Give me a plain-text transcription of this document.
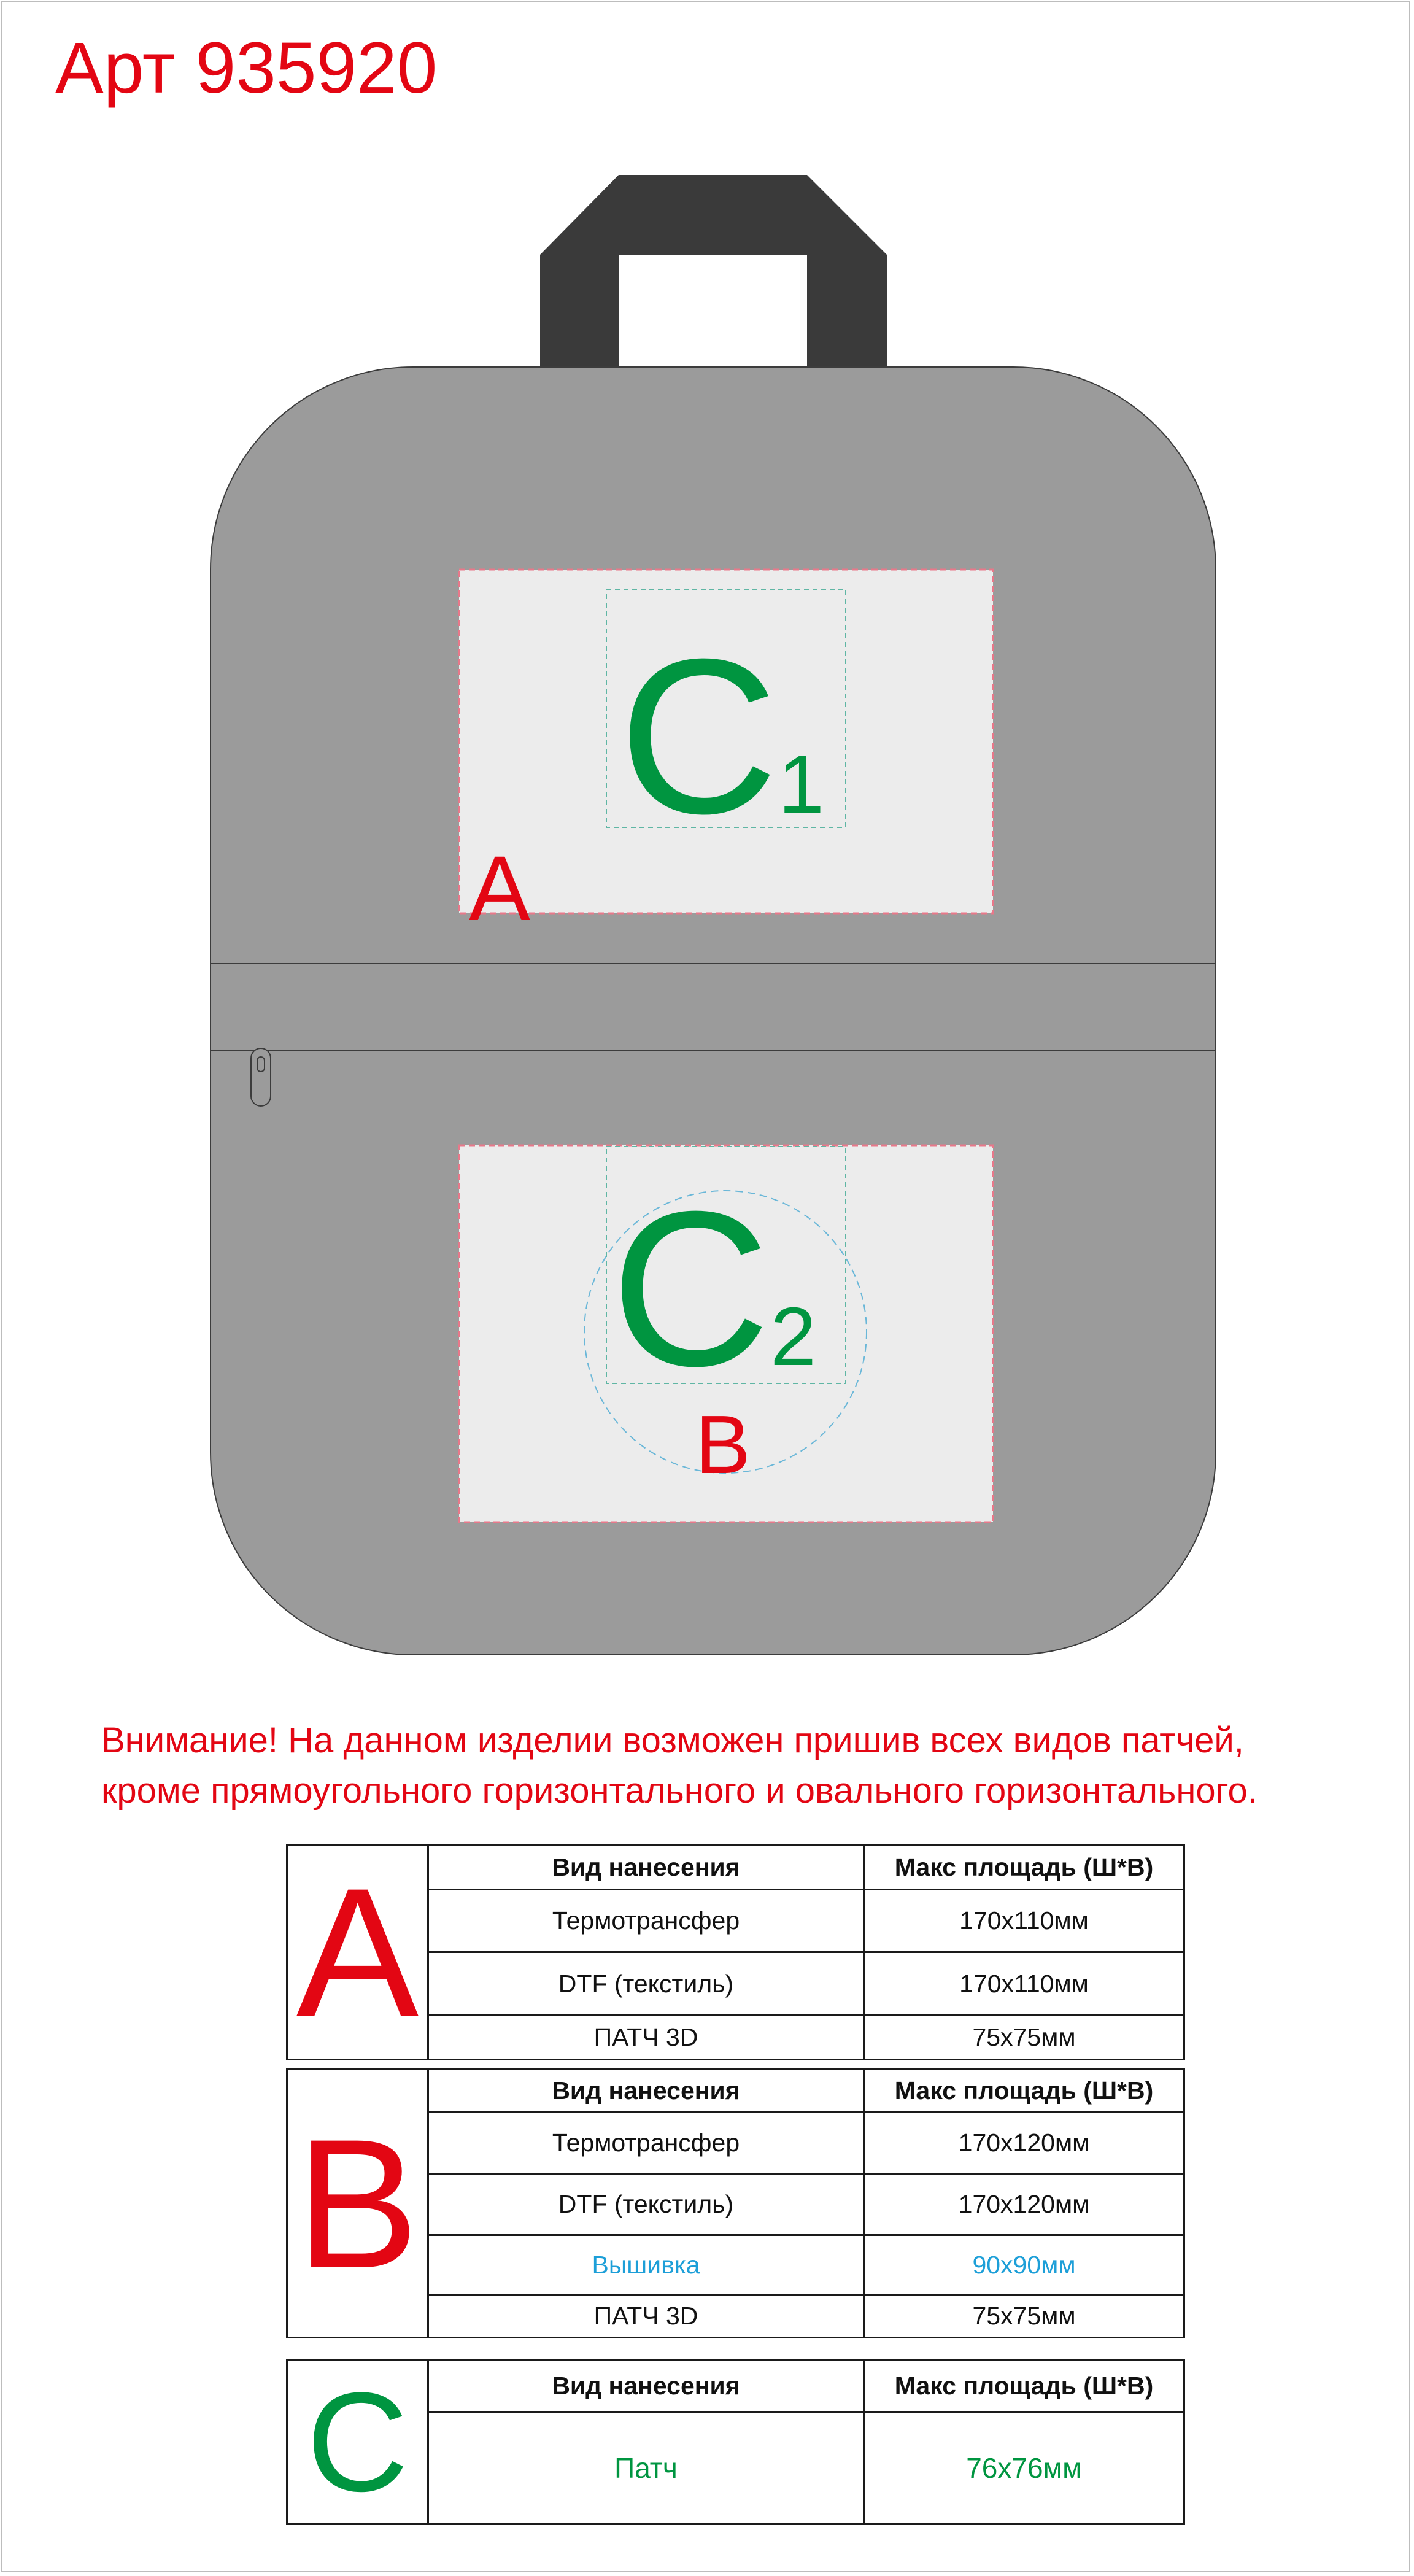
Арт 935920
A
B
C1
C2
Внимание! На данном изделии возможен пришив всех видов патчей,
кроме прямоугольного горизонтального и овального горизонтального.
A	Вид нанесения	Макс площадь (Ш*В)
	Термотрансфер	170х110мм
	DTF (текстиль)	170х110мм
	ПАТЧ 3D	75х75мм
B	Вид нанесения	Макс площадь (Ш*В)
	Термотрансфер	170х120мм
	DTF (текстиль)	170х120мм
	Вышивка	90х90мм
	ПАТЧ 3D	75х75мм
C	Вид нанесения	Макс площадь (Ш*В)
	Патч	76х76мм
